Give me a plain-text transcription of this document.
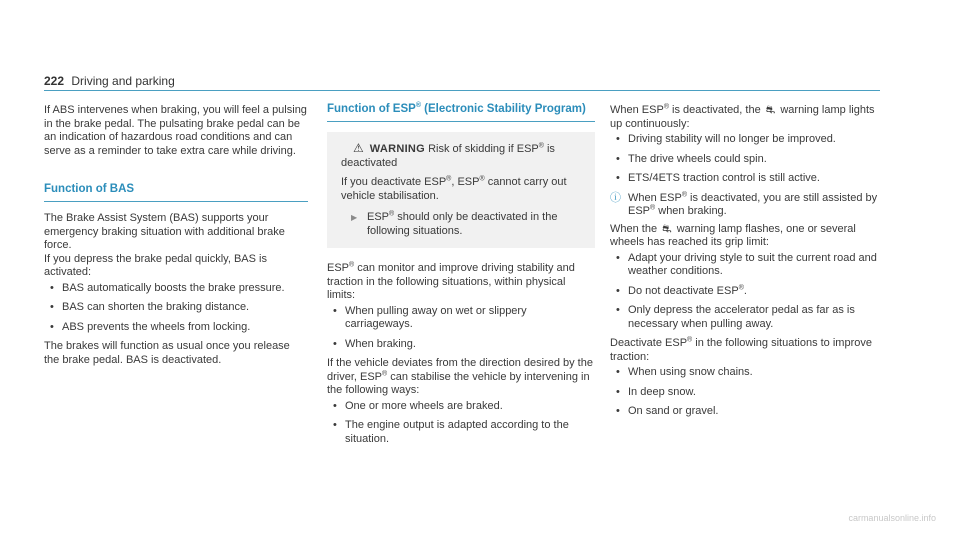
222 Driving and parking

If ABS intervenes when braking, you will feel a pulsing in the brake pedal. The pulsating brake pedal can be an indication of hazardous road conditions and can serve as a reminder to take extra care while driving.

Function of BAS

The Brake Assist System (BAS) supports your emergency braking situation with additional brake force.

If you depress the brake pedal quickly, BAS is activated:

• BAS automatically boosts the brake pressure.
• BAS can shorten the braking distance.
• ABS prevents the wheels from locking.

The brakes will function as usual once you release the brake pedal. BAS is deactivated.

Function of ESP® (Electronic Stability Program)
⚠ WARNING Risk of skidding if ESP® is deactivated

If you deactivate ESP®, ESP® cannot carry out vehicle stabilisation.

▶ ESP® should only be deactivated in the following situations.

ESP® can monitor and improve driving stability and traction in the following situations, within physical limits:

• When pulling away on wet or slippery carriageways.
• When braking.

If the vehicle deviates from the direction desired by the driver, ESP® can stabilise the vehicle by intervening in the following ways:

• One or more wheels are braked.
• The engine output is adapted according to the situation.

When ESP® is deactivated, the ⛐ warning lamp lights up continuously:

• Driving stability will no longer be improved.
• The drive wheels could spin.
• ETS/4ETS traction control is still active.
ⓘ When ESP® is deactivated, you are still assisted by ESP® when braking.

When the ⛐ warning lamp flashes, one or several wheels has reached its grip limit:

• Adapt your driving style to suit the current road and weather conditions.
• Do not deactivate ESP®.
• Only depress the accelerator pedal as far as is necessary when pulling away.

Deactivate ESP® in the following situations to improve traction:

• When using snow chains.
• In deep snow.
• On sand or gravel.
carmanualsonline.info
